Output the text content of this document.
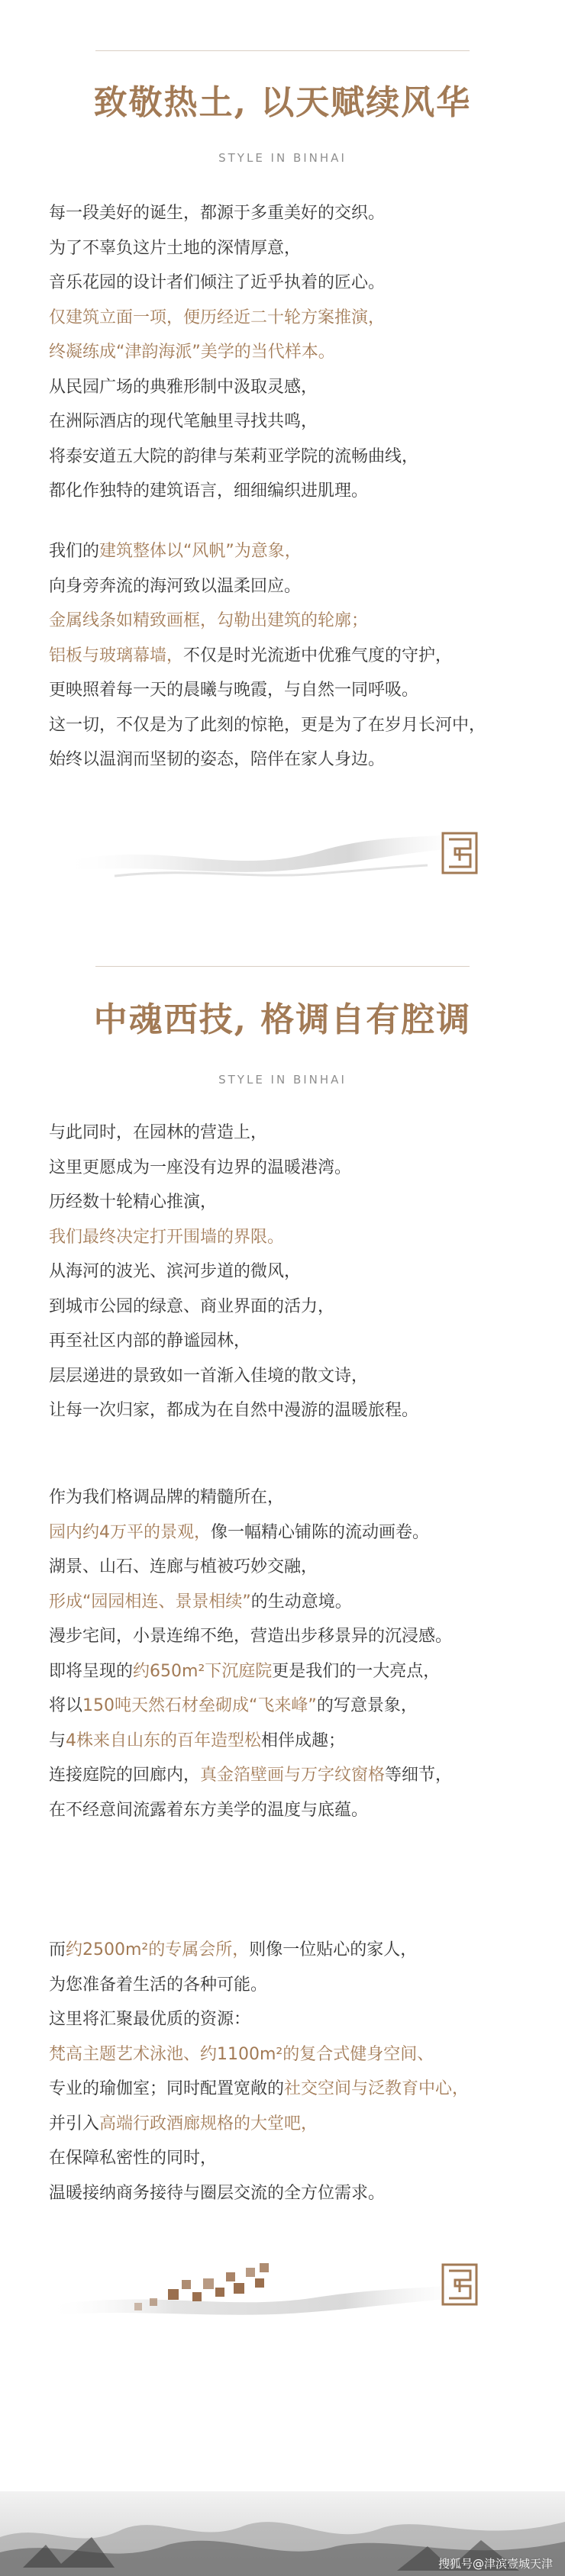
致敬热土, 以天赋续风华
STYLE IN BINHAI
每一段美好的诞生，都源于多重美好的交织。
为了不辜负这片土地的深情厚意，
音乐花园的设计者们倾注了近乎执着的匠心。
仅建筑立面一项，便历经近二十轮方案推演，
终凝练成“津韵海派”美学的当代样本。
从民园广场的典雅形制中汲取灵感，
在洲际酒店的现代笔触里寻找共鸣，
将泰安道五大院的韵律与茱莉亚学院的流畅曲线，
都化作独特的建筑语言，细细编织进肌理。
我们的建筑整体以“风帆”为意象，
向身旁奔流的海河致以温柔回应。
金属线条如精致画框，勾勒出建筑的轮廓；
铝板与玻璃幕墙，不仅是时光流逝中优雅气度的守护，
更映照着每一天的晨曦与晚霞，与自然一同呼吸。
这一切，不仅是为了此刻的惊艳，更是为了在岁月长河中，
始终以温润而坚韧的姿态，陪伴在家人身边。
中魂西技, 格调自有腔调
STYLE IN BINHAI
与此同时，在园林的营造上，
这里更愿成为一座没有边界的温暖港湾。
历经数十轮精心推演，
我们最终决定打开围墙的界限。
从海河的波光、滨河步道的微风，
到城市公园的绿意、商业界面的活力，
再至社区内部的静谧园林，
层层递进的景致如一首渐入佳境的散文诗，
让每一次归家，都成为在自然中漫游的温暖旅程。
作为我们格调品牌的精髓所在，
园内约4万平的景观，像一幅精心铺陈的流动画卷。
湖景、山石、连廊与植被巧妙交融，
形成“园园相连、景景相续”的生动意境。
漫步宅间，小景连绵不绝，营造出步移景异的沉浸感。
即将呈现的约650m²下沉庭院更是我们的一大亮点，
将以150吨天然石材垒砌成“飞来峰”的写意景象，
与4株来自山东的百年造型松相伴成趣；
连接庭院的回廊内，真金箔壁画与万字纹窗格等细节，
在不经意间流露着东方美学的温度与底蕴。
而约2500m²的专属会所，则像一位贴心的家人，
为您准备着生活的各种可能。
这里将汇聚最优质的资源：
梵高主题艺术泳池、约1100m²的复合式健身空间、
专业的瑜伽室；同时配置宽敞的社交空间与泛教育中心，
并引入高端行政酒廊规格的大堂吧，
在保障私密性的同时，
温暖接纳商务接待与圈层交流的全方位需求。
搜狐号@津滨壹城天津
